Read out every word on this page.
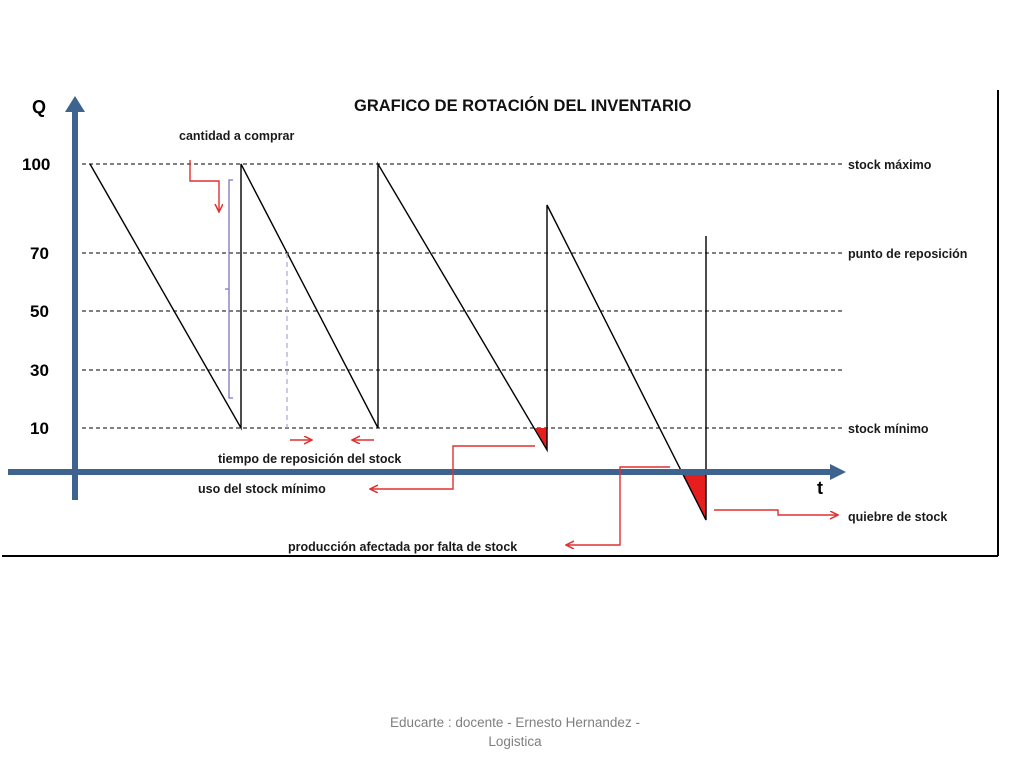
GRAFICO DE ROTACIÓN DEL INVENTARIO
100
70
50
30
10
stock máximo
punto de reposición
stock mínimo
Q
t
cantidad a comprar
tiempo de reposición del stock
uso del stock mínimo
producción afectada por falta de stock
quiebre de stock
Educarte : docente - Ernesto Hernandez -
Logistica
